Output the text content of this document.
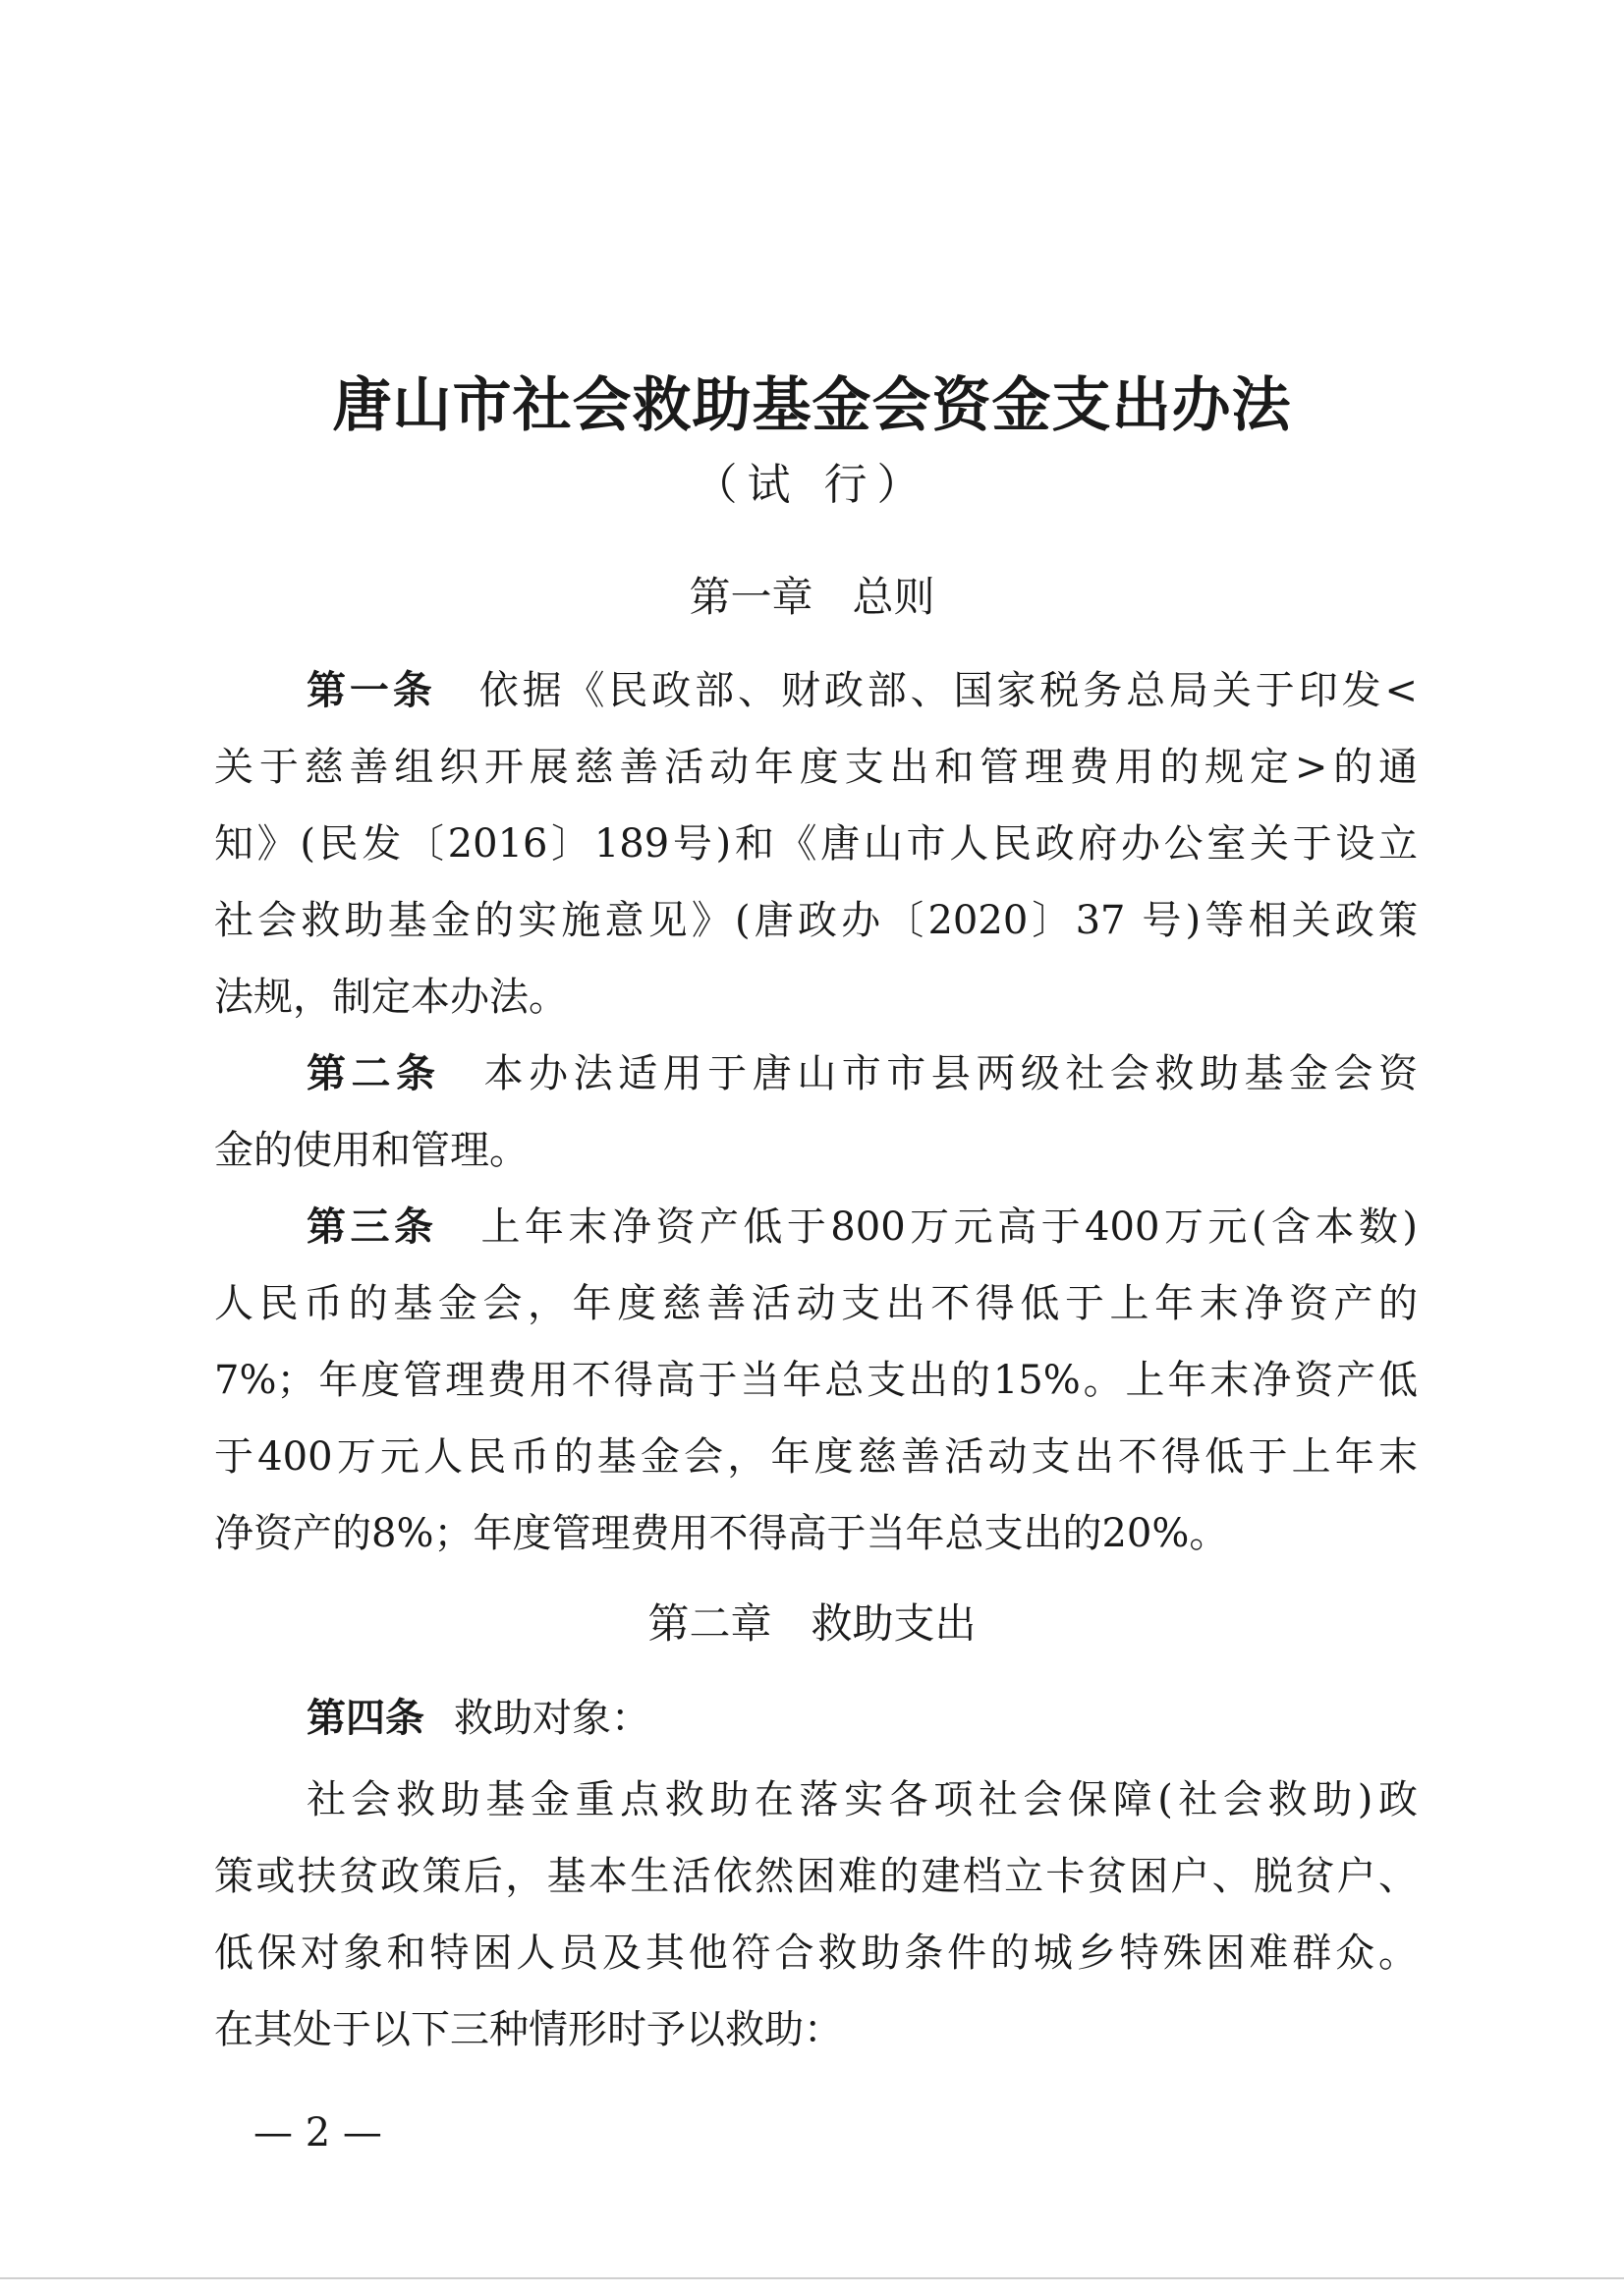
唐山市社会救助基金会资金支出办法
（试 行）
第一章 总则
第一条 依据《民政部、财政部、国家税务总局关于印发<
关于慈善组织开展慈善活动年度支出和管理费用的规定>的通
知》(民发〔2016〕189号)和《唐山市人民政府办公室关于设立
社会救助基金的实施意见》(唐政办〔2020〕37 号)等相关政策
法规，制定本办法。
第二条 本办法适用于唐山市市县两级社会救助基金会资
金的使用和管理。
第三条 上年末净资产低于800万元高于400万元(含本数)
人民币的基金会，年度慈善活动支出不得低于上年末净资产的
7%；年度管理费用不得高于当年总支出的15%。上年末净资产低
于400万元人民币的基金会，年度慈善活动支出不得低于上年末
净资产的8%；年度管理费用不得高于当年总支出的20%。
第二章 救助支出
第四条 救助对象：
社会救助基金重点救助在落实各项社会保障(社会救助)政
策或扶贫政策后，基本生活依然困难的建档立卡贫困户、脱贫户、
低保对象和特困人员及其他符合救助条件的城乡特殊困难群众。
在其处于以下三种情形时予以救助：
— 2 —
